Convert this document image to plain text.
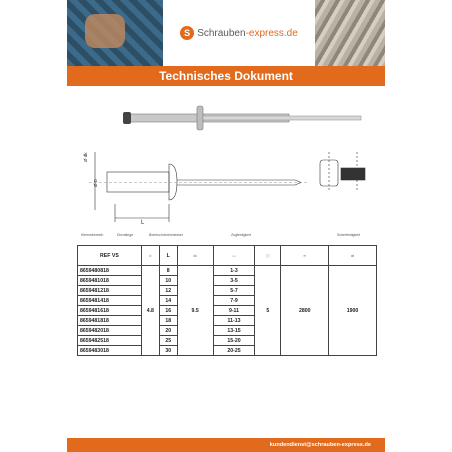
S Schrauben-express.de
Technisches Dokument
L
Ø dk
Ø D
Klemmbereich	Dornlänge	Bohrlochdurchmesser	Zugfestigkeit	Scherfestigkeit
REF VS	d	L	dk	▭	◫	⇹	⇄
8659480818	4.8	8	9.5	1-3	5	2800	1900
8659481018		10		3-5			
8659481218		12		5-7			
8659481418		14		7-9			
8659481618		16		9-11			
8659481818		18		11-13			
8659482018		20		13-15			
8659482518		25		15-20			
8659483018		30		20-25			
kundendienst@schrauben-express.de
